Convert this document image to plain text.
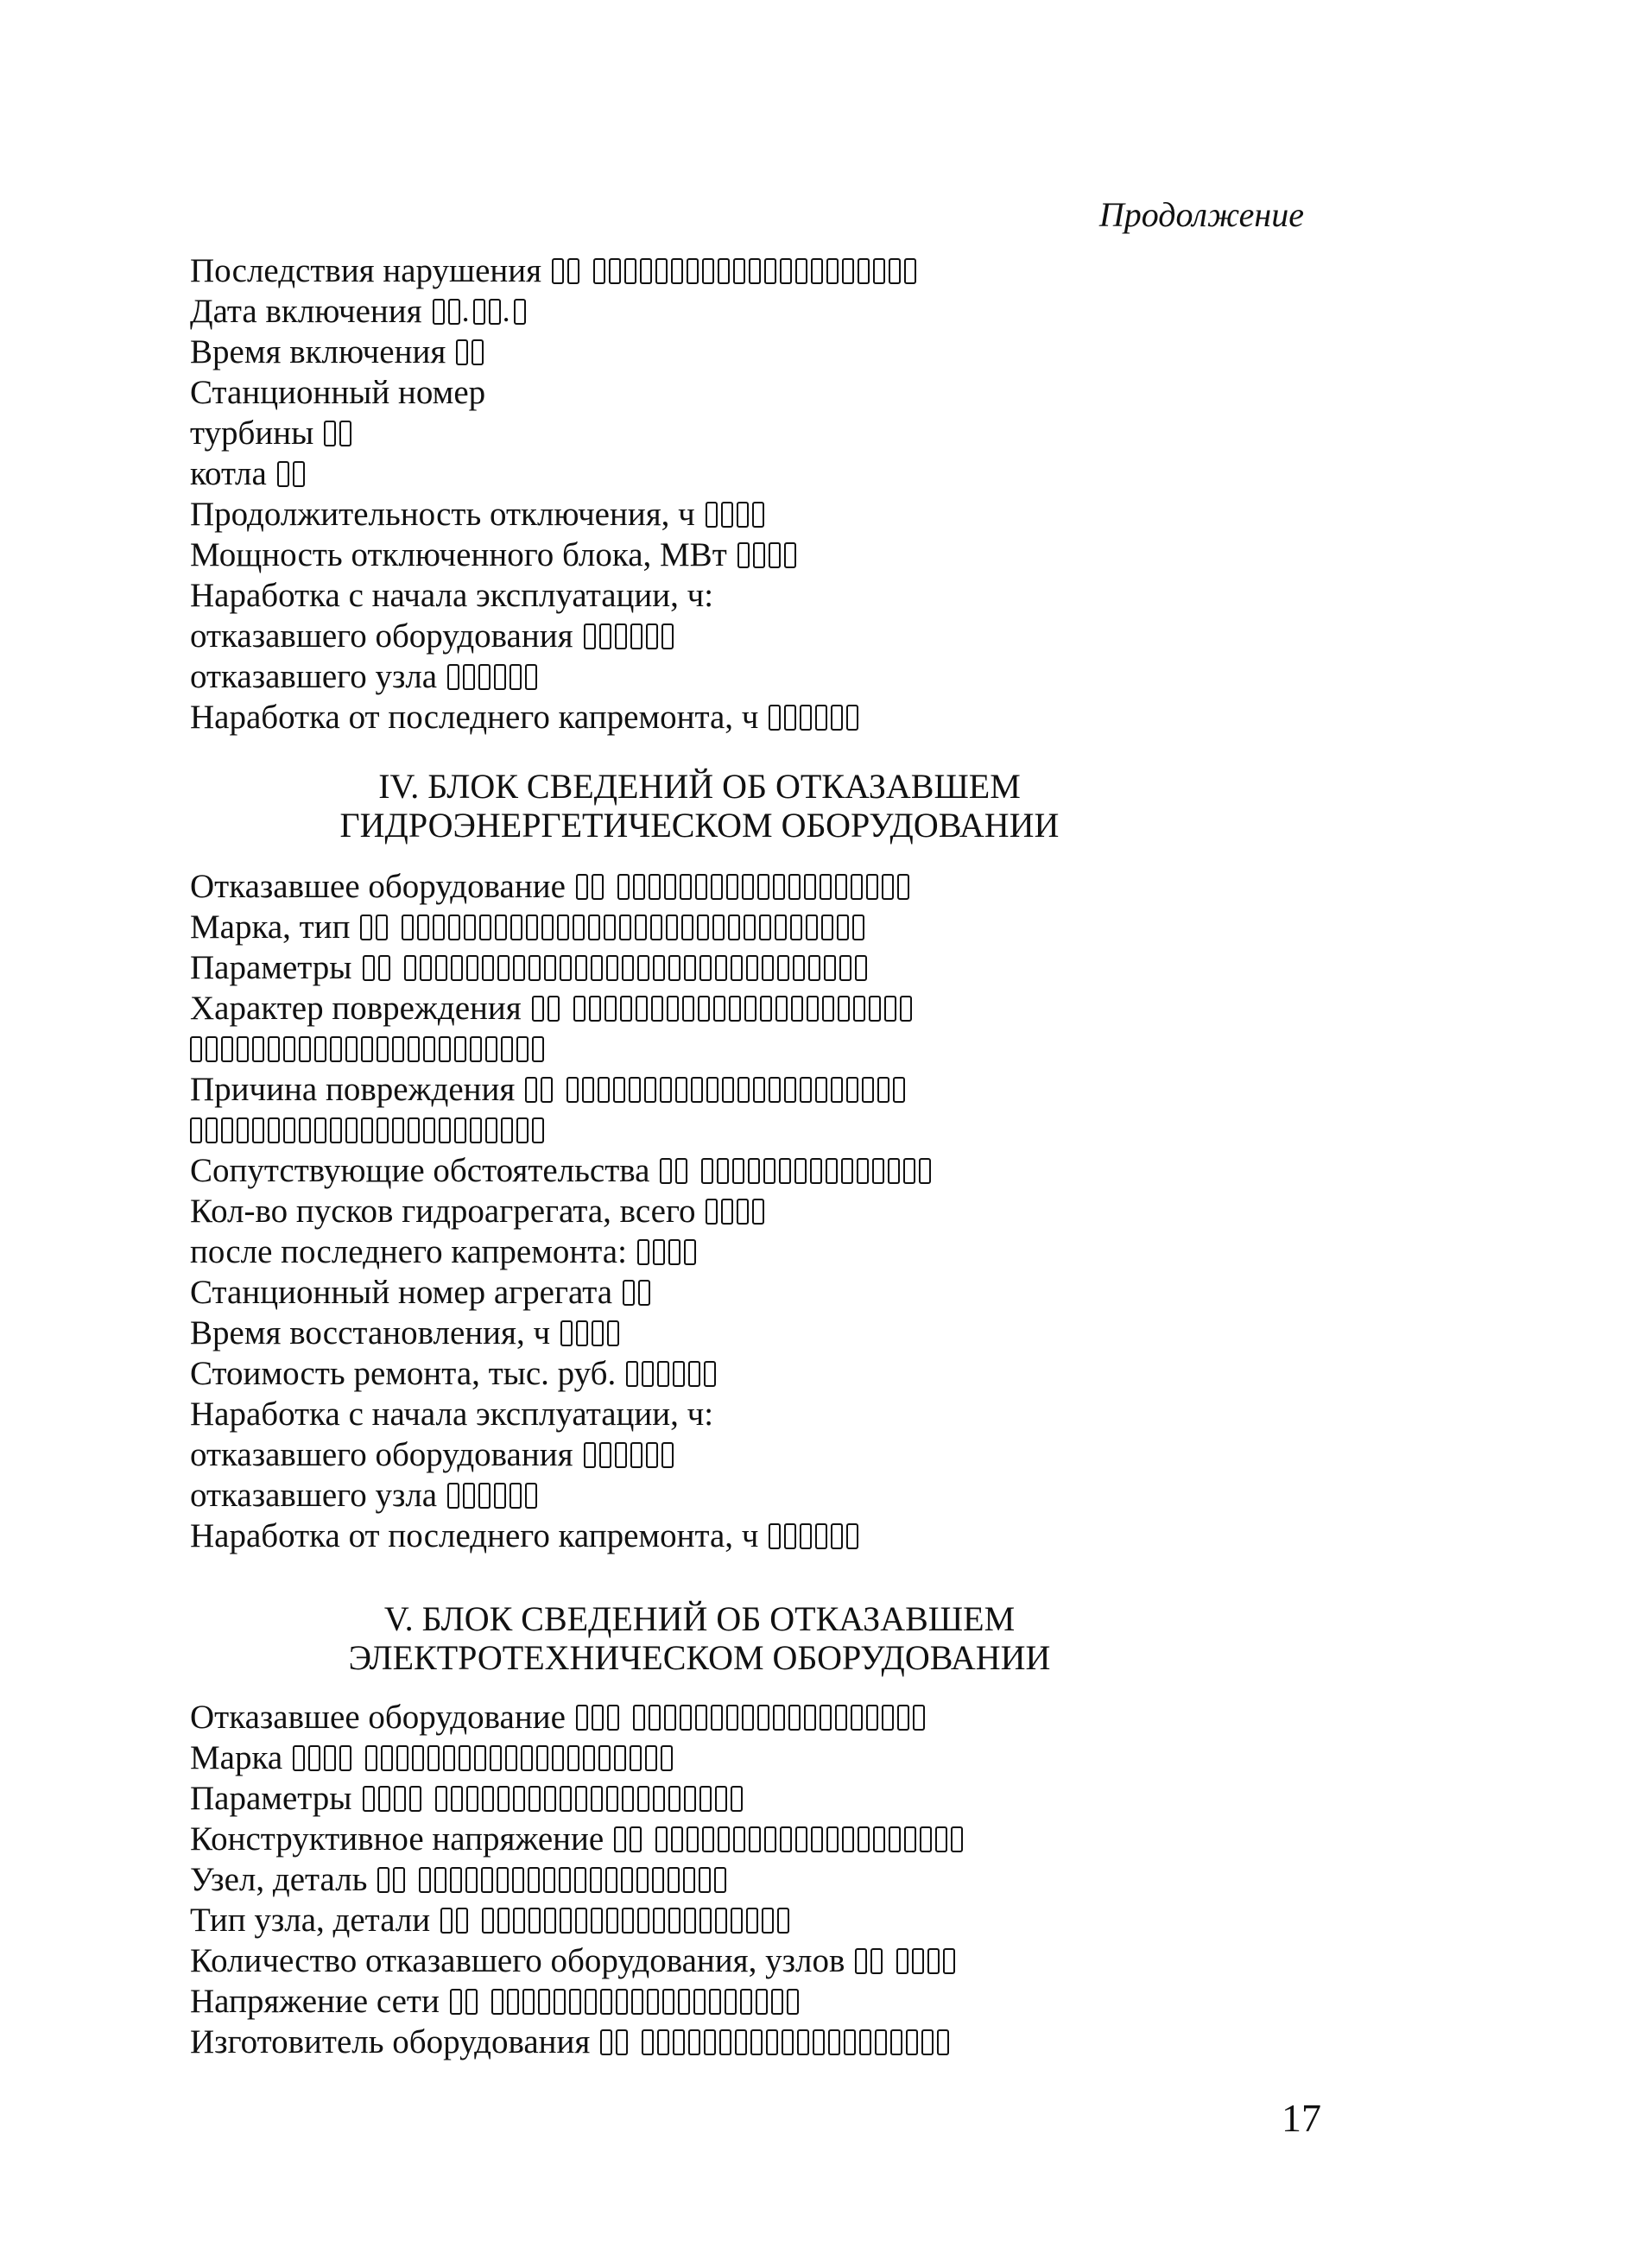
Продолжение
Последствия нарушения
Дата включения . .
Время включения
Станционный номер
турбины
котла
Продолжительность отключения, ч
Мощность отключенного блока, МВт
Наработка с начала эксплуатации, ч:
отказавшего оборудования
отказавшего узла
Наработка от последнего капремонта, ч
IV. БЛОК СВЕДЕНИЙ ОБ ОТКАЗАВШЕМ
ГИДРОЭНЕРГЕТИЧЕСКОМ ОБОРУДОВАНИИ
Отказавшее оборудование
Марка, тип
Параметры
Характер повреждения
Причина повреждения
Сопутствующие обстоятельства
Кол-во пусков гидроагрегата, всего
после последнего капремонта:
Станционный номер агрегата
Время восстановления, ч
Стоимость ремонта, тыс. руб.
Наработка с начала эксплуатации, ч:
отказавшего оборудования
отказавшего узла
Наработка от последнего капремонта, ч
V. БЛОК СВЕДЕНИЙ ОБ ОТКАЗАВШЕМ
ЭЛЕКТРОТЕХНИЧЕСКОМ ОБОРУДОВАНИИ
Отказавшее оборудование
Марка
Параметры
Конструктивное напряжение
Узел, деталь
Тип узла, детали
Количество отказавшего оборудования, узлов
Напряжение сети
Изготовитель оборудования
17
